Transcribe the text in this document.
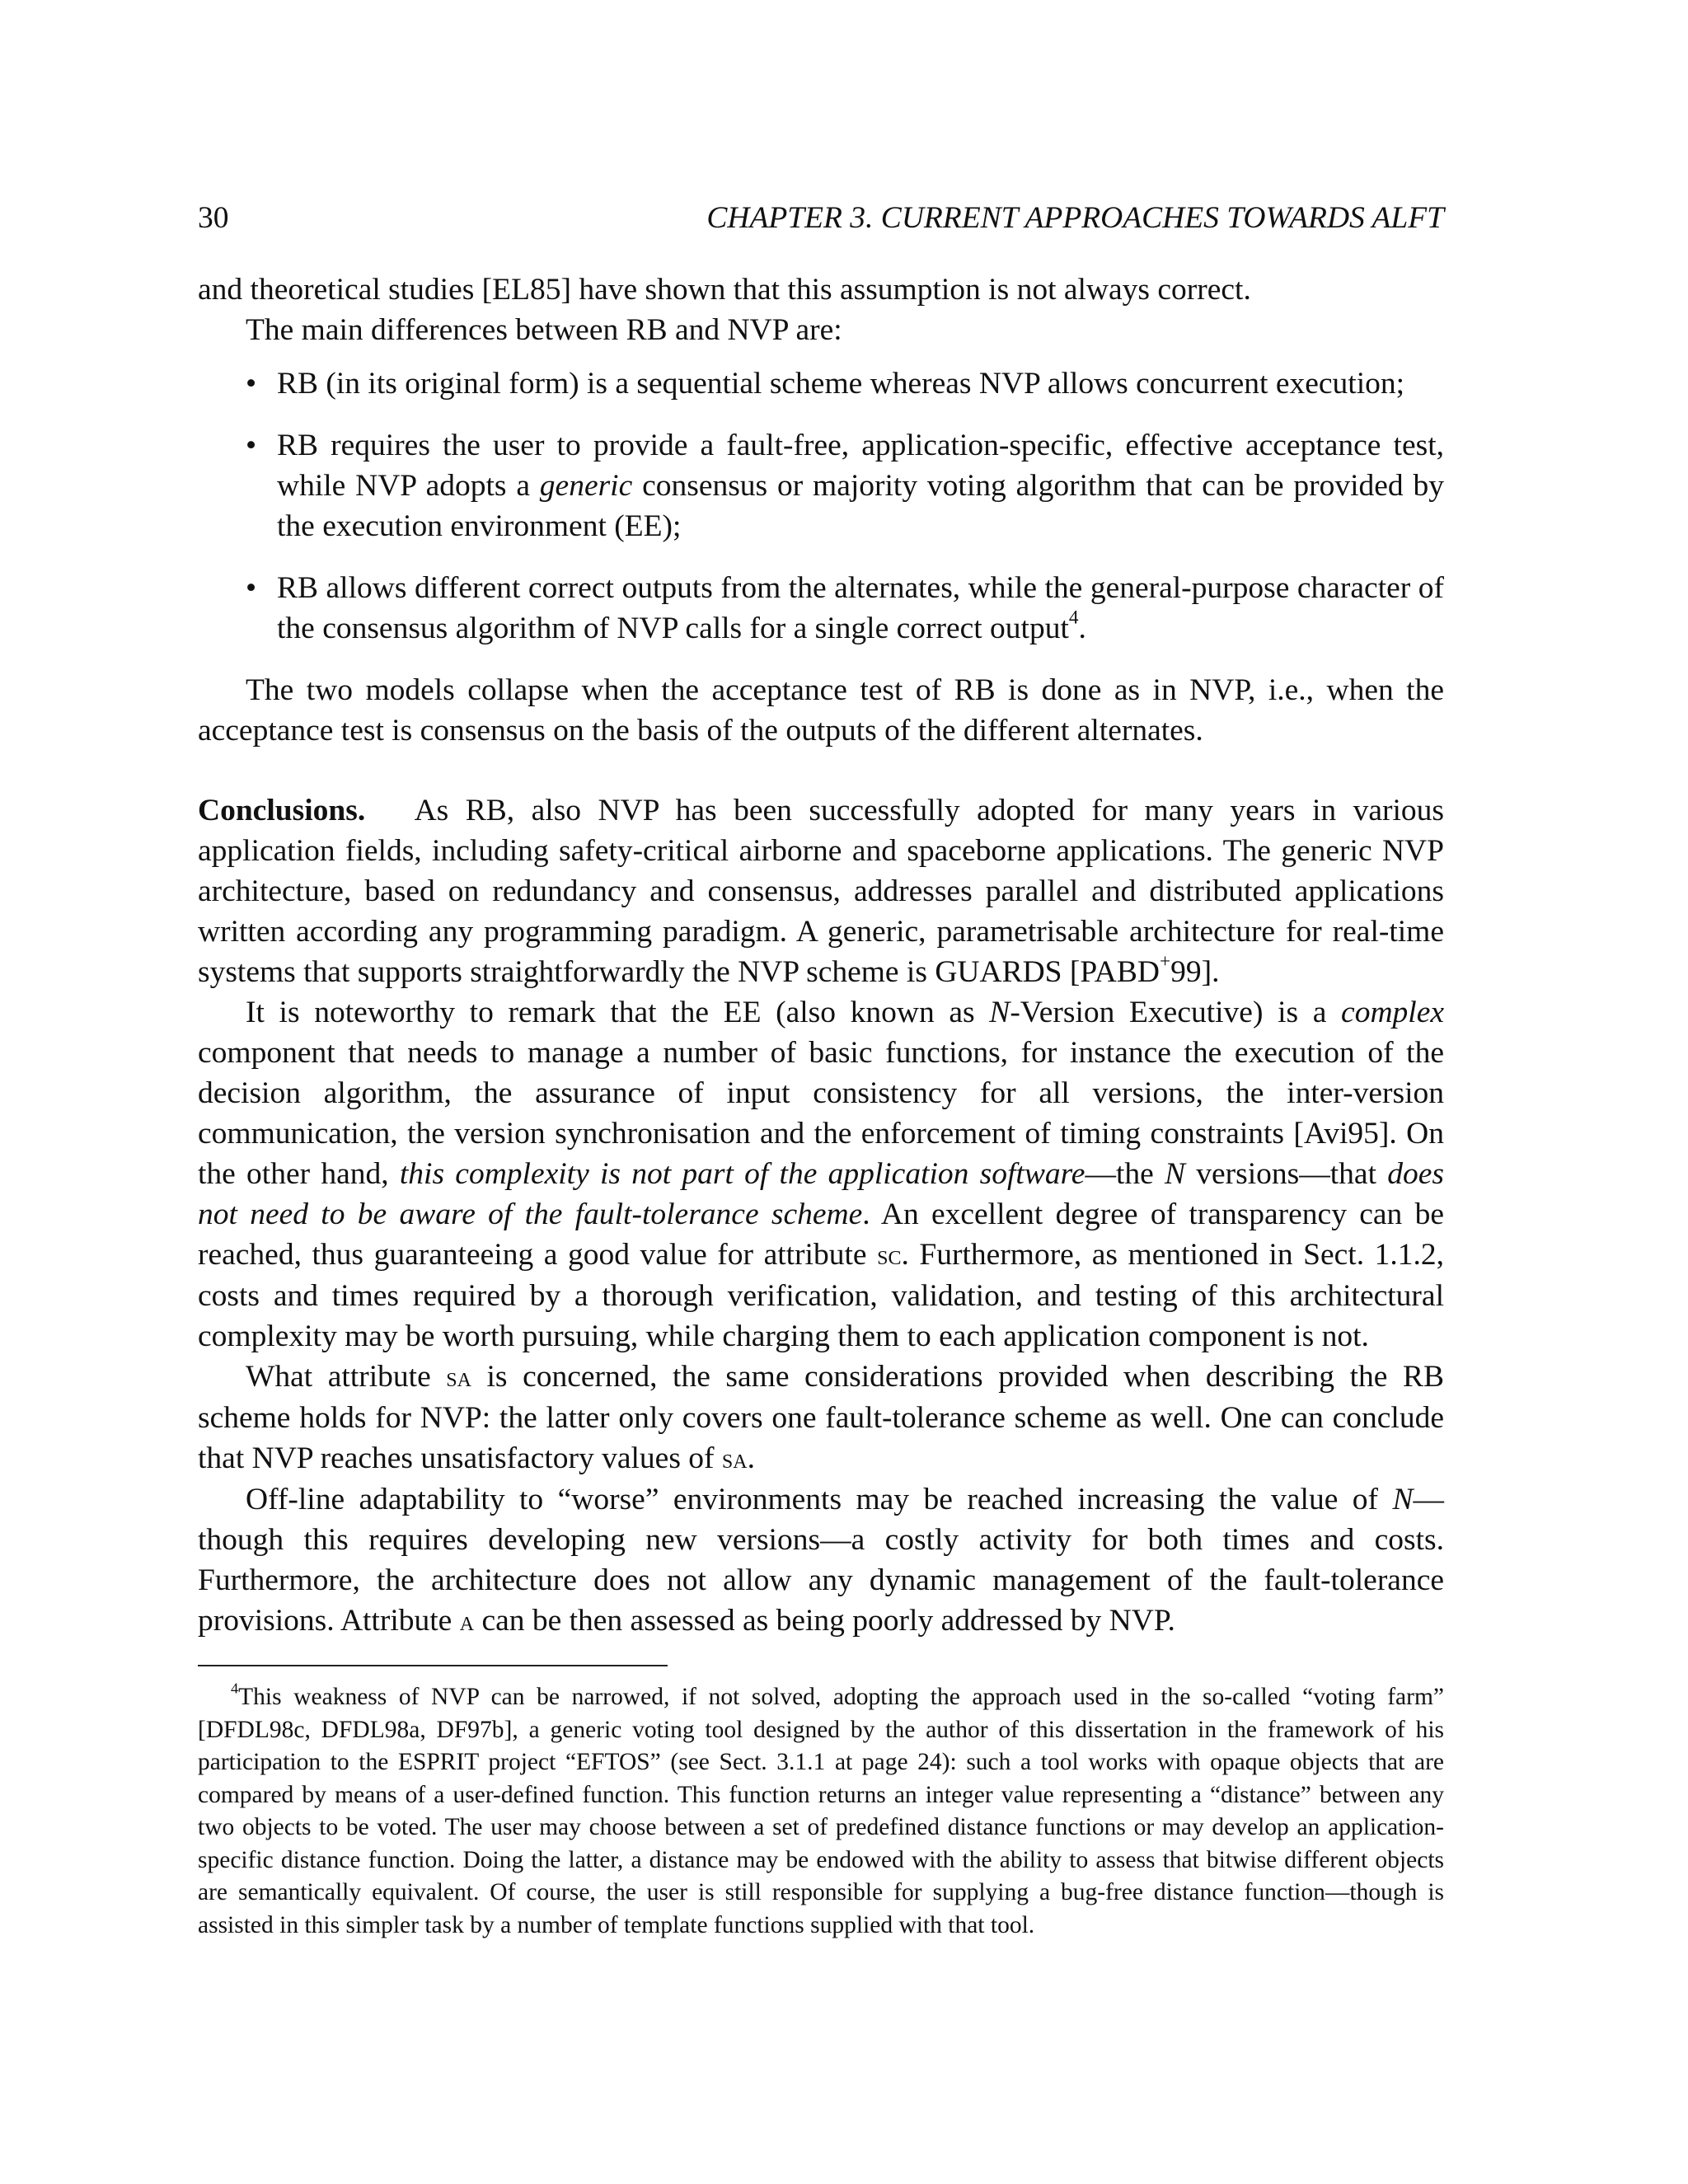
30	CHAPTER 3. CURRENT APPROACHES TOWARDS ALFT

and theoretical studies [EL85] have shown that this assumption is not always correct.

The main differences between RB and NVP are:

• RB (in its original form) is a sequential scheme whereas NVP allows concurrent execution;
• RB requires the user to provide a fault-free, application-specific, effective acceptance test, while NVP adopts a generic consensus or majority voting algorithm that can be provided by the execution environment (EE);
• RB allows different correct outputs from the alternates, while the general-purpose character of the consensus algorithm of NVP calls for a single correct output$^4$.

The two models collapse when the acceptance test of RB is done as in NVP, i.e., when the acceptance test is consensus on the basis of the outputs of the different alternates.

Conclusions. As RB, also NVP has been successfully adopted for many years in various application fields, including safety-critical airborne and spaceborne applications. The generic NVP architecture, based on redundancy and consensus, addresses parallel and distributed applications written according any programming paradigm. A generic, parametrisable architecture for real-time systems that supports straightforwardly the NVP scheme is GUARDS [PABD+99].

It is noteworthy to remark that the EE (also known as N-Version Executive) is a complex component that needs to manage a number of basic functions, for instance the execution of the decision algorithm, the assurance of input consistency for all versions, the inter-version communication, the version synchronisation and the enforcement of timing constraints [Avi95]. On the other hand, this complexity is not part of the application software—the N versions—that does not need to be aware of the fault-tolerance scheme. An excellent degree of transparency can be reached, thus guaranteeing a good value for attribute sc. Furthermore, as mentioned in Sect. 1.1.2, costs and times required by a thorough verification, validation, and testing of this architectural complexity may be worth pursuing, while charging them to each application component is not.

What attribute sa is concerned, the same considerations provided when describing the RB scheme holds for NVP: the latter only covers one fault-tolerance scheme as well. One can conclude that NVP reaches unsatisfactory values of sa.

Off-line adaptability to “worse” environments may be reached increasing the value of N—though this requires developing new versions—a costly activity for both times and costs. Furthermore, the architecture does not allow any dynamic management of the fault-tolerance provisions. Attribute a can be then assessed as being poorly addressed by NVP.

$^4$This weakness of NVP can be narrowed, if not solved, adopting the approach used in the so-called “voting farm” [DFDL98c, DFDL98a, DF97b], a generic voting tool designed by the author of this dissertation in the framework of his participation to the ESPRIT project “EFTOS” (see Sect. 3.1.1 at page 24): such a tool works with opaque objects that are compared by means of a user-defined function. This function returns an integer value representing a “distance” between any two objects to be voted. The user may choose between a set of predefined distance functions or may develop an application-specific distance function. Doing the latter, a distance may be endowed with the ability to assess that bitwise different objects are semantically equivalent. Of course, the user is still responsible for supplying a bug-free distance function—though is assisted in this simpler task by a number of template functions supplied with that tool.
